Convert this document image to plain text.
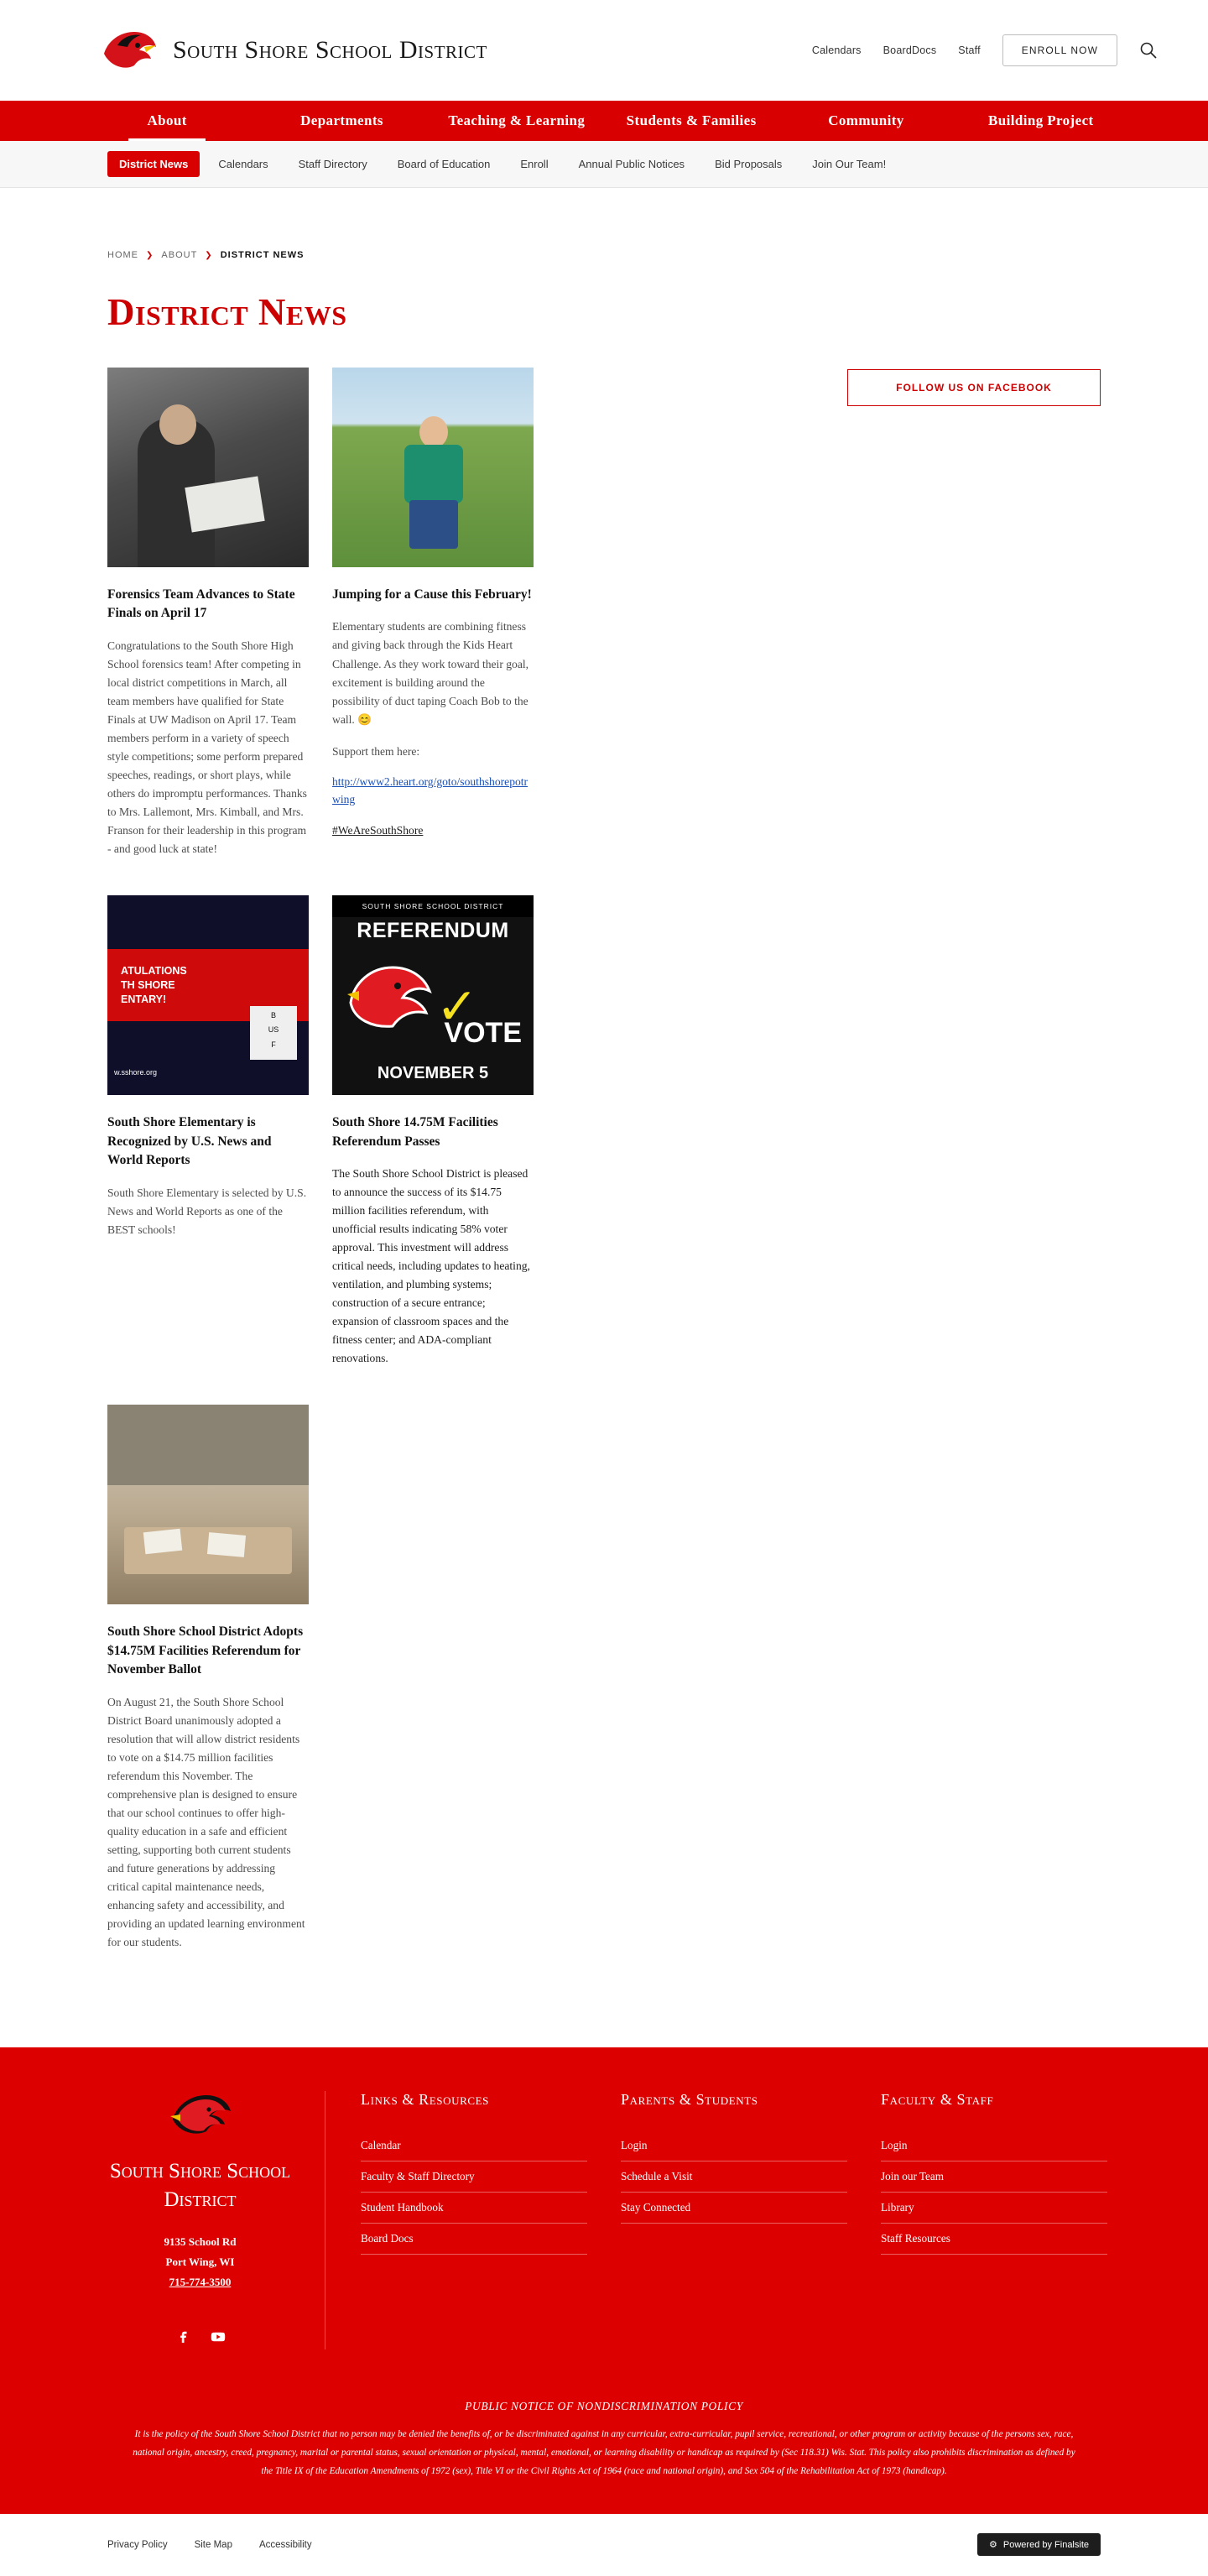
South Shore School District	Calendars BoardDocs Staff	ENROLL NOW
About	Departments	Teaching & Learning	Students & Families	Community	Building Project
District News	Calendars	Staff Directory	Board of Education	Enroll	Annual Public Notices	Bid Proposals	Join Our Team!
HOME ❯ ABOUT ❯ DISTRICT NEWS
District News
Forensics Team Advances to State Finals on April 17

Congratulations to the South Shore High School forensics team! After competing in local district competitions in March, all team members have qualified for State Finals at UW Madison on April 17. Team members perform in a variety of speech style competitions; some perform prepared speeches, readings, or short plays, while others do impromptu performances. Thanks to Mrs. Lallemont, Mrs. Kimball, and Mrs. Franson for their leadership in this program - and good luck at state!

Jumping for a Cause this February!

Elementary students are combining fitness and giving back through the Kids Heart Challenge. As they work toward their goal, excitement is building around the possibility of duct taping Coach Bob to the wall. 😊

Support them here:

http://www2.heart.org/goto/southshorepotrwing
#WeAreSouthShore
ATULATIONS
TH SHORE
ENTARY!
B
US
F
w.sshore.org
South Shore Elementary is Recognized by U.S. News and World Reports

South Shore Elementary is selected by U.S. News and World Reports as one of the BEST schools!

SOUTH SHORE SCHOOL DISTRICT
REFERENDUM
✓
VOTE
NOVEMBER 5
South Shore 14.75M Facilities Referendum Passes

The South Shore School District is pleased to announce the success of its $14.75 million facilities referendum, with unofficial results indicating 58% voter approval. This investment will address critical needs, including updates to heating, ventilation, and plumbing systems; construction of a secure entrance; expansion of classroom spaces and the fitness center; and ADA-compliant renovations.

South Shore School District Adopts $14.75M Facilities Referendum for November Ballot

On August 21, the South Shore School District Board unanimously adopted a resolution that will allow district residents to vote on a $14.75 million facilities referendum this November. The comprehensive plan is designed to ensure that our school continues to offer high-quality education in a safe and efficient setting, supporting both current students and future generations by addressing critical capital maintenance needs, enhancing safety and accessibility, and providing an updated learning environment for our students.

FOLLOW US ON FACEBOOK
South Shore School District
9135 School Rd
Port Wing, WI
715-774-3500
Links & Resources
Calendar
Faculty & Staff Directory
Student Handbook
Board Docs
Parents & Students
Login
Schedule a Visit
Stay Connected
Faculty & Staff
Login
Join our Team
Library
Staff Resources
PUBLIC NOTICE OF NONDISCRIMINATION POLICY

It is the policy of the South Shore School District that no person may be denied the benefits of, or be discriminated against in any curricular, extra-curricular, pupil service, recreational, or other program or activity because of the persons sex, race, national origin, ancestry, creed, pregnancy, marital or parental status, sexual orientation or physical, mental, emotional, or learning disability or handicap as required by (Sec 118.31) Wis. Stat. This policy also prohibits discrimination as defined by the Title IX of the Education Amendments of 1972 (sex), Title VI or the Civil Rights Act of 1964 (race and national origin), and Sex 504 of the Rehabilitation Act of 1973 (handicap).

Privacy Policy	Site Map	Accessibility	⚙ Powered by Finalsite
